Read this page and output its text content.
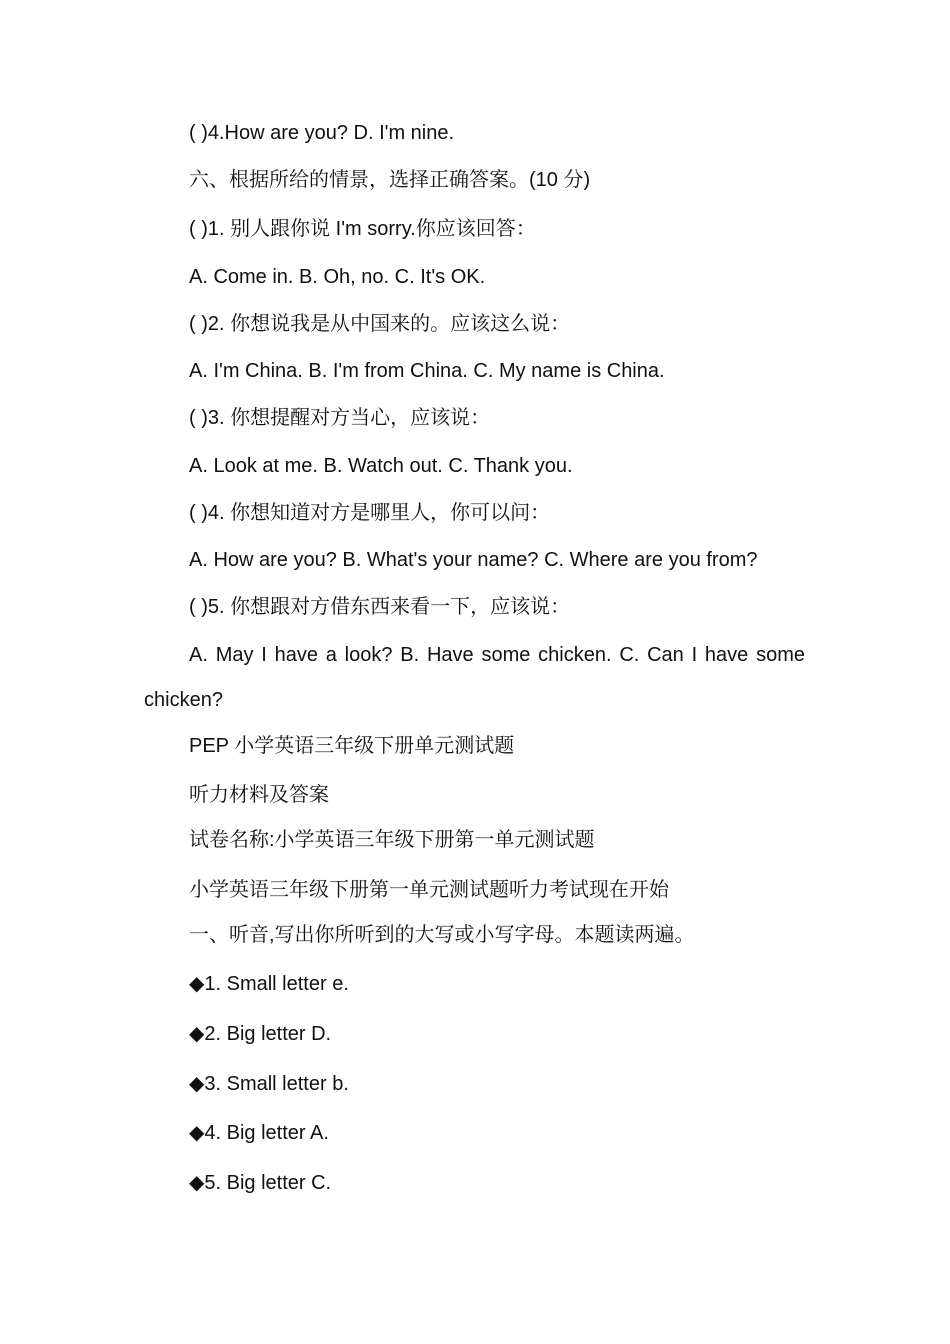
( )4.How are you? D. I'm nine.
六、根据所给的情景，选择正确答案。(10 分)
( )1. 别人跟你说 I'm sorry.你应该回答：
A. Come in. B. Oh, no. C. It's OK.
( )2. 你想说我是从中国来的。应该这么说：
A. I'm China. B. I'm from China. C. My name is China.
( )3. 你想提醒对方当心，应该说：
A. Look at me. B. Watch out. C. Thank you.
( )4. 你想知道对方是哪里人，你可以问：
A. How are you? B. What's your name? C. Where are you from?
( )5. 你想跟对方借东西来看一下，应该说：
A. May I have a look? B. Have some chicken. C. Can I have some
chicken?
PEP 小学英语三年级下册单元测试题
听力材料及答案
试卷名称:小学英语三年级下册第一单元测试题
小学英语三年级下册第一单元测试题听力考试现在开始
一、听音,写出你所听到的大写或小写字母。本题读两遍。
◆1. Small letter e.
◆2. Big letter D.
◆3. Small letter b.
◆4. Big letter A.
◆5. Big letter C.
